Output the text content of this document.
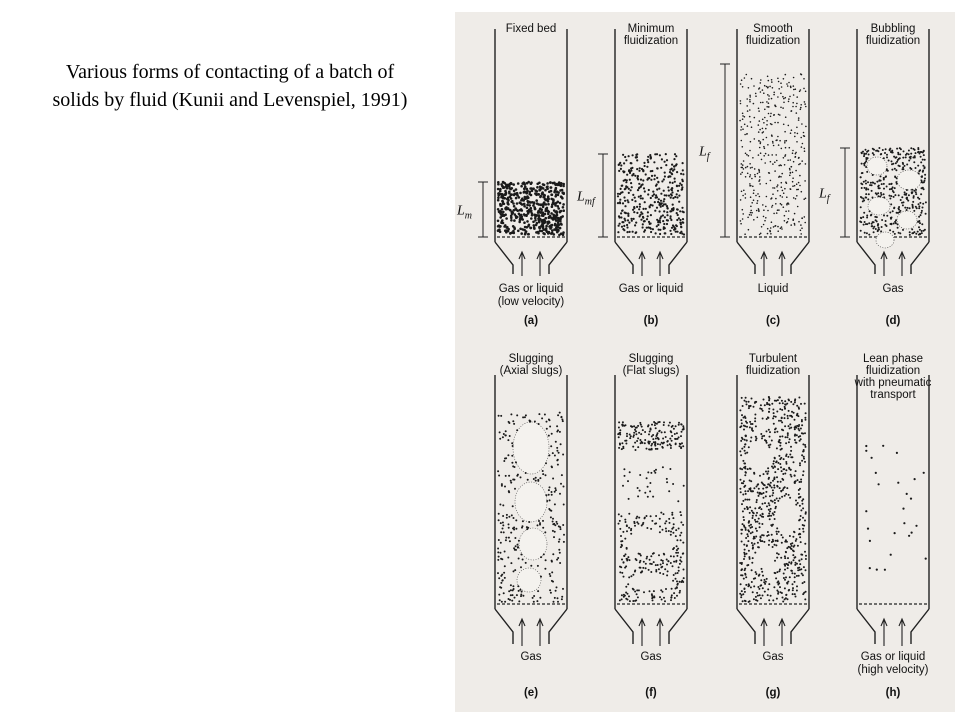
Various forms of contacting of a batch of
solids by fluid (Kunii and Levenspiel, 1991)
Fixed bed
$L_m$
Gas or liquid
(low velocity)
(a)
Minimum
fluidization
$L_{mf}$
Gas or liquid
(b)
Smooth
fluidization
$L_f$
Liquid
(c)
Bubbling
fluidization
$L_f$
Gas
(d)
Slugging
(Axial slugs)
Gas
(e)
Slugging
(Flat slugs)
Gas
(f)
Turbulent
fluidization
Gas
(g)
Lean phase
fluidization
with pneumatic
transport
Gas or liquid
(high velocity)
(h)
